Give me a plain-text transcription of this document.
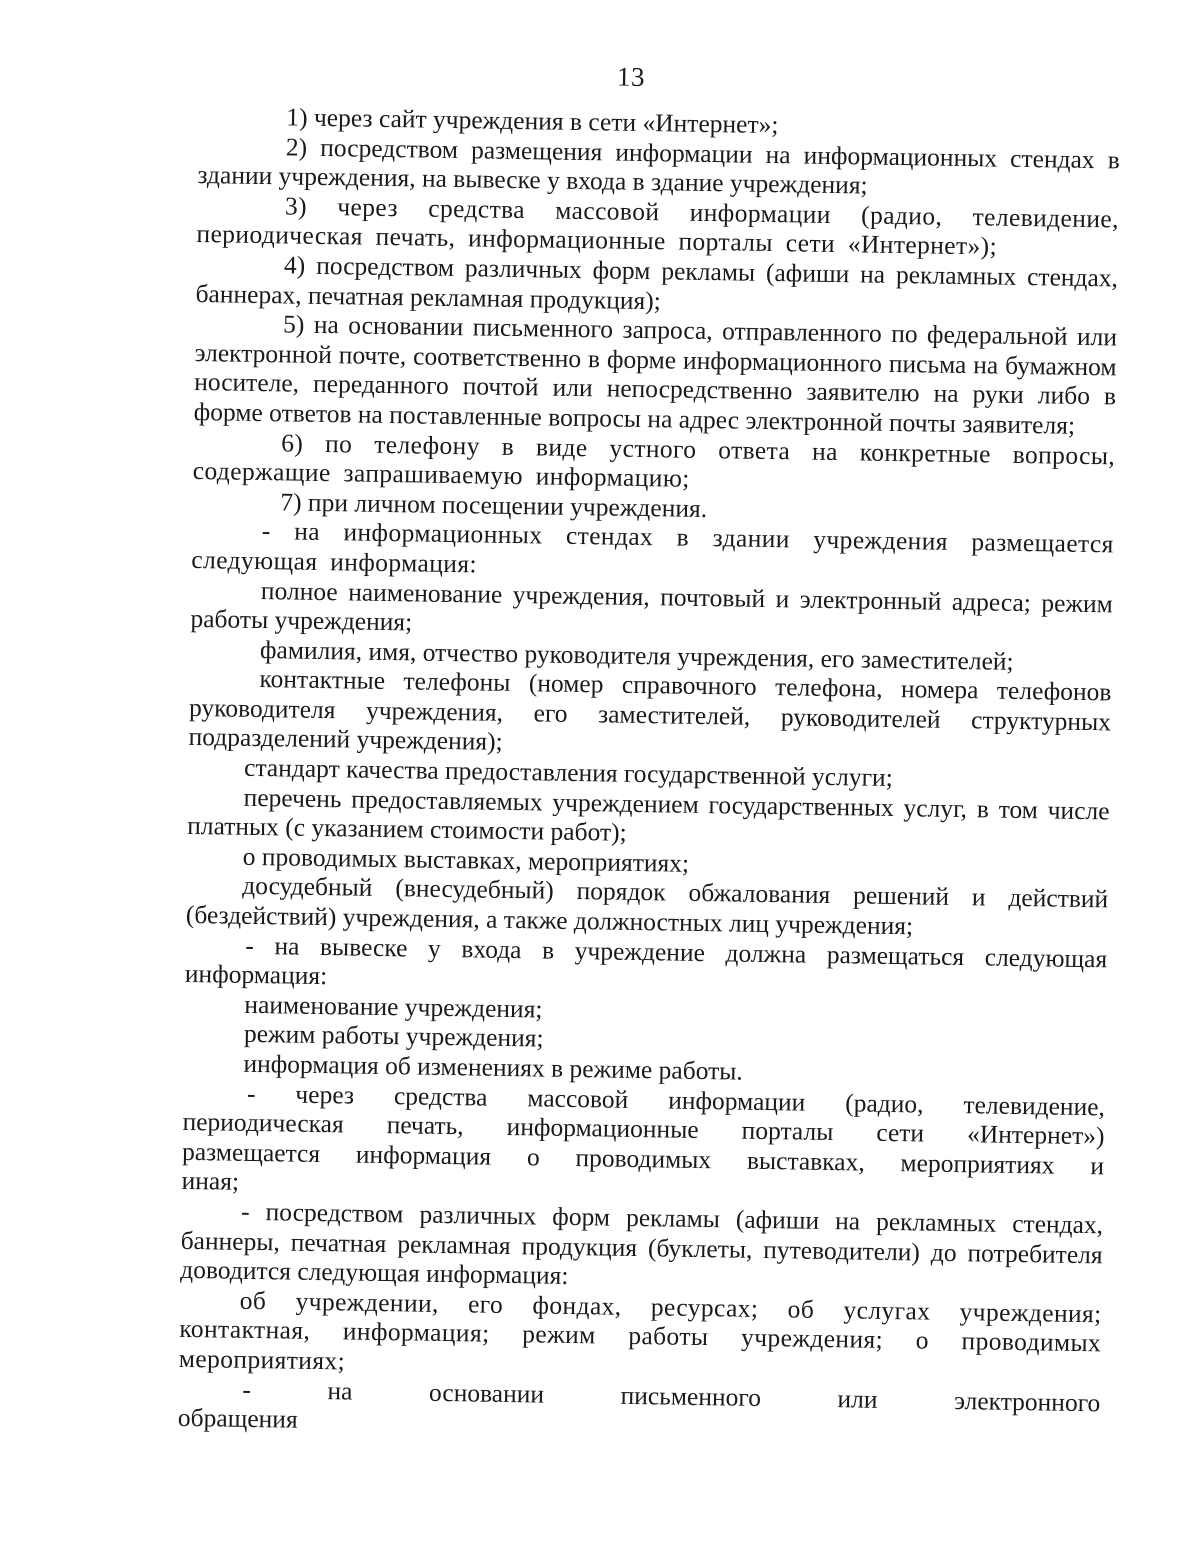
13

1) через сайт учреждения в сети «Интернет»;

2) посредством размещения информации на информационных стендах в здании учреждения, на вывеске у входа в здание учреждения;

3) через средства массовой информации (радио, телевидение, периодическая печать, информационные порталы сети «Интернет»);

4) посредством различных форм рекламы (афиши на рекламных стендах, баннерах, печатная рекламная продукция);

5) на основании письменного запроса, отправленного по федеральной или электронной почте, соответственно в форме информационного письма на бумажном носителе, переданного почтой или непосредственно заявителю на руки либо в форме ответов на поставленные вопросы на адрес электронной почты заявителя;

6) по телефону в виде устного ответа на конкретные вопросы, содержащие запрашиваемую информацию;

7) при личном посещении учреждения.

- на информационных стендах в здании учреждения размещается следующая информация:

полное наименование учреждения, почтовый и электронный адреса; режим работы учреждения;

фамилия, имя, отчество руководителя учреждения, его заместителей;

контактные телефоны (номер справочного телефона, номера телефонов руководителя учреждения, его заместителей, руководителей структурных подразделений учреждения);

стандарт качества предоставления государственной услуги;

перечень предоставляемых учреждением государственных услуг, в том числе платных (с указанием стоимости работ);

о проводимых выставках, мероприятиях;

досудебный (внесудебный) порядок обжалования решений и действий (бездействий) учреждения, а также должностных лиц учреждения;

- на вывеске у входа в учреждение должна размещаться следующая информация:

наименование учреждения;

режим работы учреждения;

информация об изменениях в режиме работы.

- через средства массовой информации (радио, телевидение, периодическая печать, информационные порталы сети «Интернет») размещается информация о проводимых выставках, мероприятиях и иная;

- посредством различных форм рекламы (афиши на рекламных стендах, баннеры, печатная рекламная продукция (буклеты, путеводители) до потребителя доводится следующая информация:

об учреждении, его фондах, ресурсах; об услугах учреждения; контактная, информация; режим работы учреждения; о проводимых мероприятиях;

- на основании письменного или электронного обращения
